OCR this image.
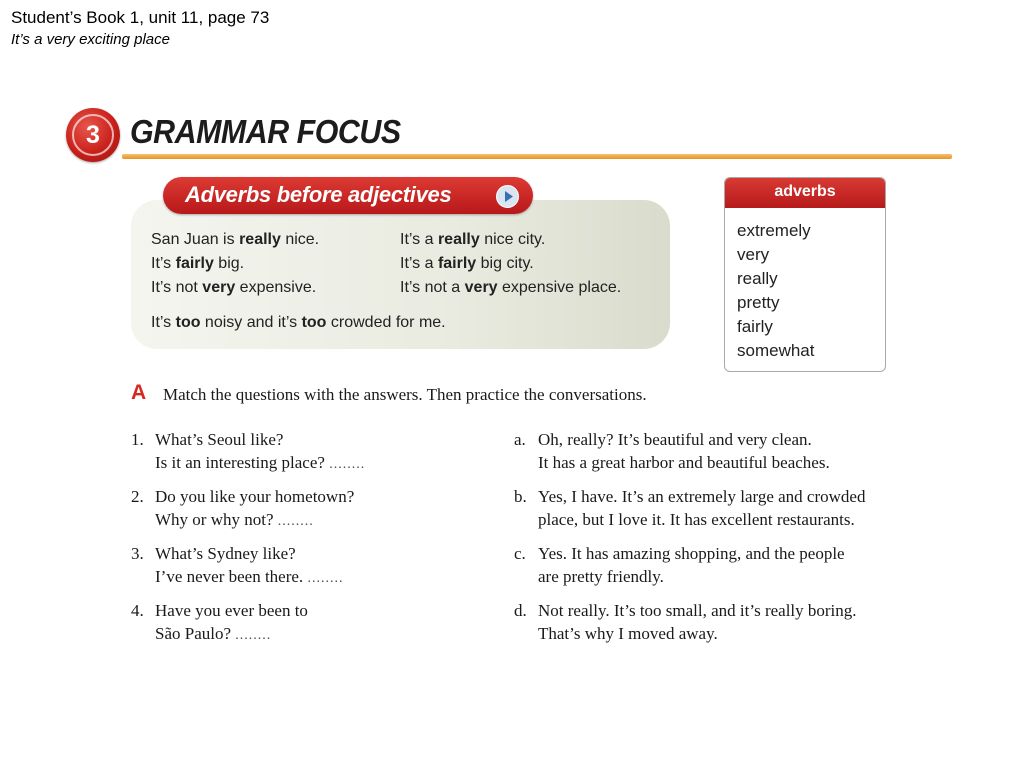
Student’s Book 1, unit 11, page 73
It’s a very exciting place
3 GRAMMAR FOCUS
Adverbs before adjectives
San Juan is really nice.
It’s fairly big.
It’s not very expensive.
It’s a really nice city.
It’s a fairly big city.
It’s not a very expensive place.
It’s too noisy and it’s too crowded for me.
adverbs
extremely
very
really
pretty
fairly
somewhat
A Match the questions with the answers. Then practice the conversations.
1. What’s Seoul like?
Is it an interesting place? ........
2. Do you like your hometown?
Why or why not? ........
3. What’s Sydney like?
I’ve never been there. ........
4. Have you ever been to
São Paulo? ........
a. Oh, really? It’s beautiful and very clean.
It has a great harbor and beautiful beaches.
b. Yes, I have. It’s an extremely large and crowded
place, but I love it. It has excellent restaurants.
c. Yes. It has amazing shopping, and the people
are pretty friendly.
d. Not really. It’s too small, and it’s really boring.
That’s why I moved away.
